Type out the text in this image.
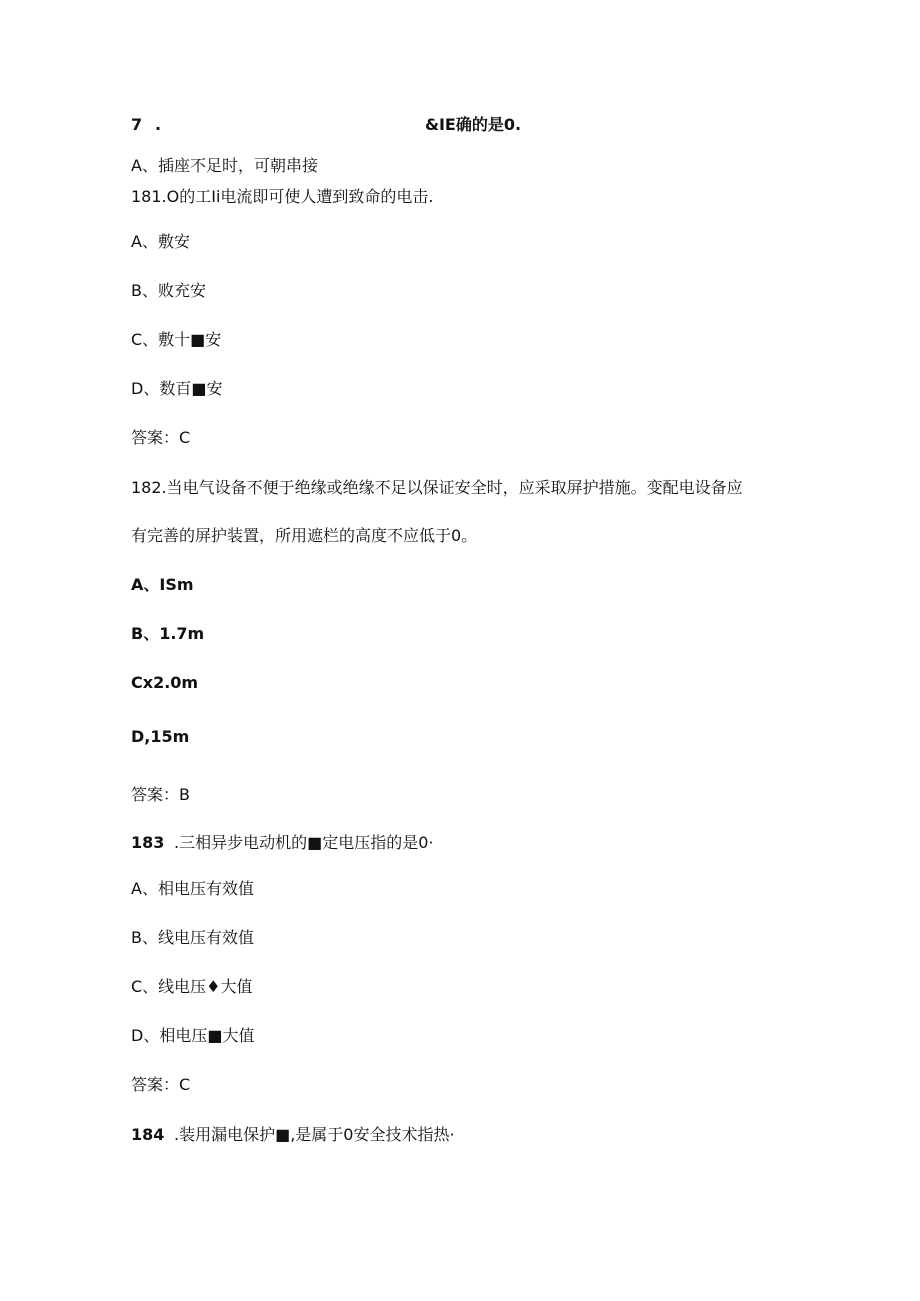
7 .	&IE确的是0.
A、插座不足时，可朝串接
181.O的工Ii电流即可使人遭到致命的电击.
A、敷安
B、败充安
C、敷十■安
D、数百■安
答案：C
182.当电气设备不便于绝缘或绝缘不足以保证安全时，应采取屏护措施。变配电设备应
有完善的屏护装置，所用遮栏的高度不应低于0。
A、ISm
B、1.7m
Cx2.0m
D,15m
答案：B
183 .三相异步电动机的■定电压指的是0·
A、相电压有效值
B、线电压有效值
C、线电压♦大值
D、相电压■大值
答案：C
184 .装用漏电保护■,是属于0安全技术指热·
